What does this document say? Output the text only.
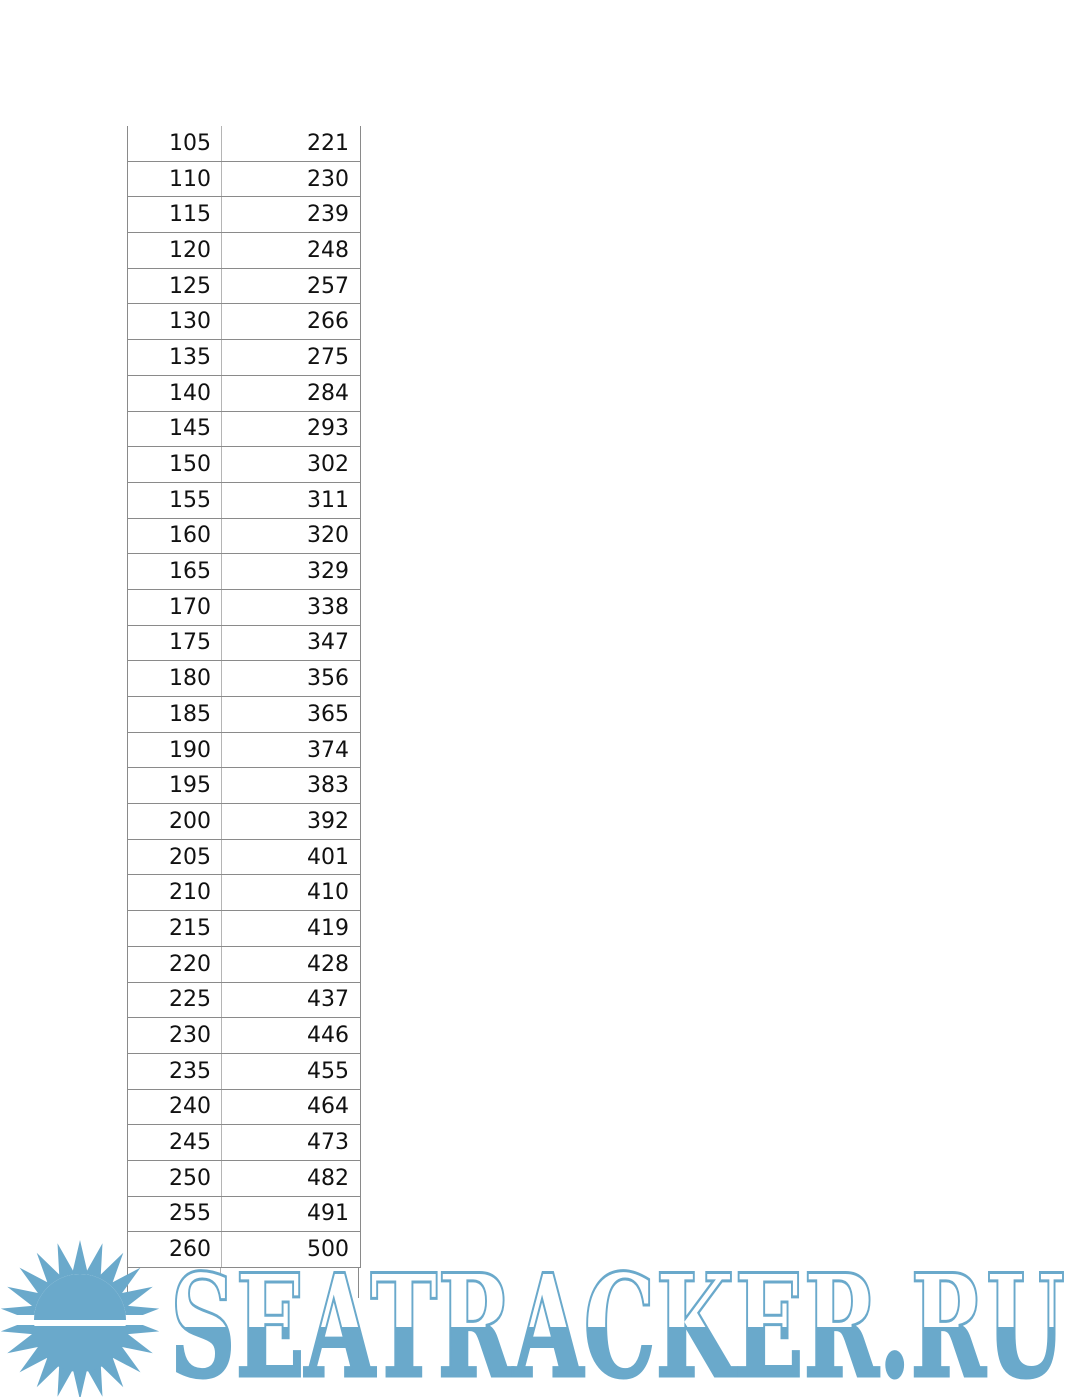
105	221
110	230
115	239
120	248
125	257
130	266
135	275
140	284
145	293
150	302
155	311
160	320
165	329
170	338
175	347
180	356
185	365
190	374
195	383
200	392
205	401
210	410
215	419
220	428
225	437
230	446
235	455
240	464
245	473
250	482
255	491
260	500
SEATRACKER.RU
